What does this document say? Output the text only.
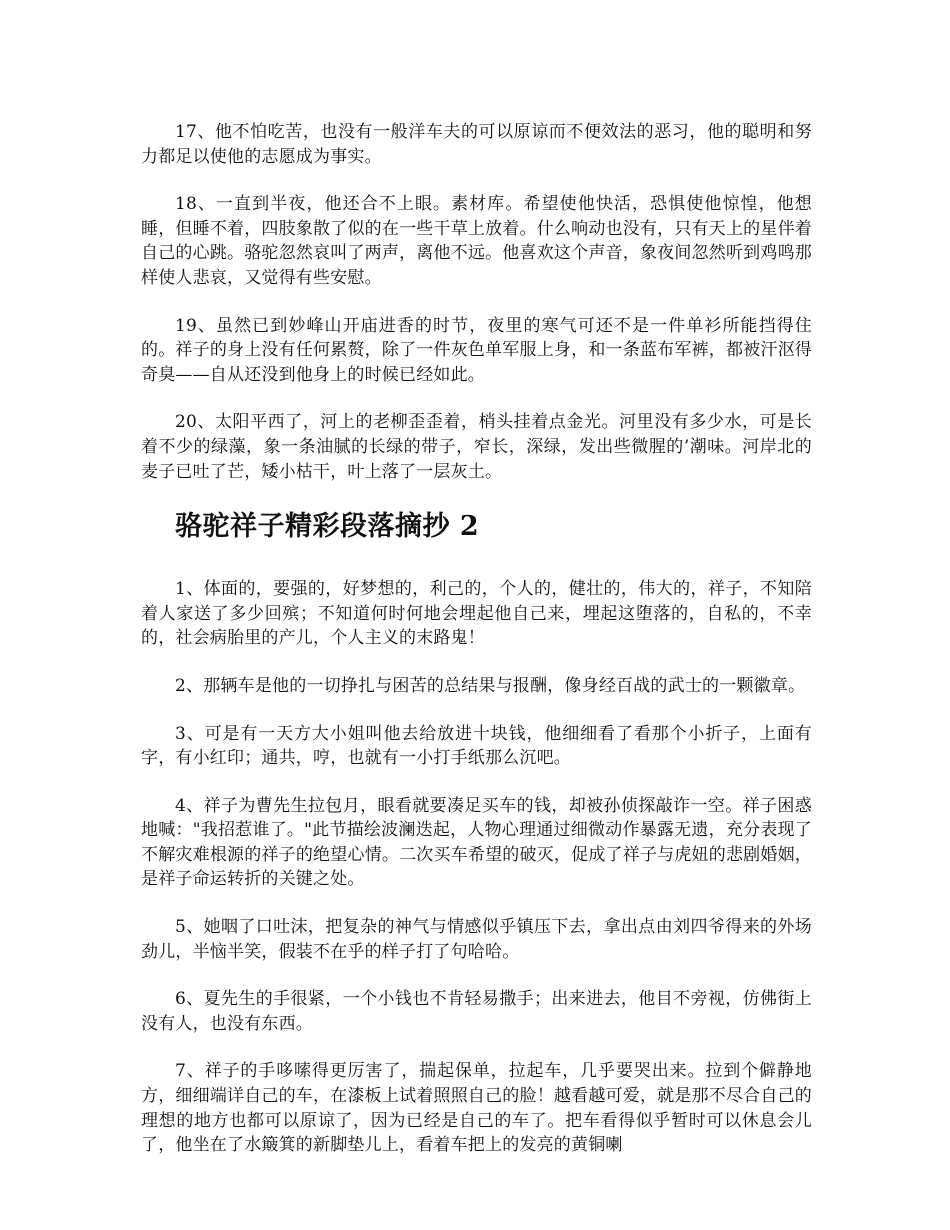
17、他不怕吃苦，也没有一般洋车夫的可以原谅而不便效法的恶习，他的聪明和努力都足以使他的志愿成为事实。

18、一直到半夜，他还合不上眼。素材库。希望使他快活，恐惧使他惊惶，他想睡，但睡不着，四肢象散了似的在一些干草上放着。什么响动也没有，只有天上的星伴着自己的心跳。骆驼忽然哀叫了两声，离他不远。他喜欢这个声音，象夜间忽然听到鸡鸣那样使人悲哀，又觉得有些安慰。

19、虽然已到妙峰山开庙进香的时节，夜里的寒气可还不是一件单衫所能挡得住的。祥子的身上没有任何累赘，除了一件灰色单军服上身，和一条蓝布军裤，都被汗沤得奇臭——自从还没到他身上的时候已经如此。

20、太阳平西了，河上的老柳歪歪着，梢头挂着点金光。河里没有多少水，可是长着不少的绿藻，象一条油腻的长绿的带子，窄长，深绿，发出些微腥的’潮味。河岸北的麦子已吐了芒，矮小枯干，叶上落了一层灰土。

骆驼祥子精彩段落摘抄 2

1、体面的，要强的，好梦想的，利己的，个人的，健壮的，伟大的，祥子，不知陪着人家送了多少回殡；不知道何时何地会埋起他自己来，埋起这堕落的，自私的，不幸的，社会病胎里的产儿，个人主义的末路鬼！

2、那辆车是他的一切挣扎与困苦的总结果与报酬，像身经百战的武士的一颗徽章。

3、可是有一天方大小姐叫他去给放进十块钱，他细细看了看那个小折子，上面有字，有小红印；通共，哼，也就有一小打手纸那么沉吧。

4、祥子为曹先生拉包月，眼看就要凑足买车的钱，却被孙侦探敲诈一空。祥子困惑地喊："我招惹谁了。"此节描绘波澜迭起，人物心理通过细微动作暴露无遗，充分表现了不解灾难根源的祥子的绝望心情。二次买车希望的破灭，促成了祥子与虎妞的悲剧婚姻，是祥子命运转折的关键之处。

5、她咽了口吐沫，把复杂的神气与情感似乎镇压下去，拿出点由刘四爷得来的外场劲儿，半恼半笑，假装不在乎的样子打了句哈哈。

6、夏先生的手很紧，一个小钱也不肯轻易撒手；出来进去，他目不旁视，仿佛街上没有人，也没有东西。

7、祥子的手哆嗦得更厉害了，揣起保单，拉起车，几乎要哭出来。拉到个僻静地方，细细端详自己的车，在漆板上试着照照自己的脸！越看越可爱，就是那不尽合自己的理想的地方也都可以原谅了，因为已经是自己的车了。把车看得似乎暂时可以休息会儿了，他坐在了水簸箕的新脚垫儿上，看着车把上的发亮的黄铜喇
